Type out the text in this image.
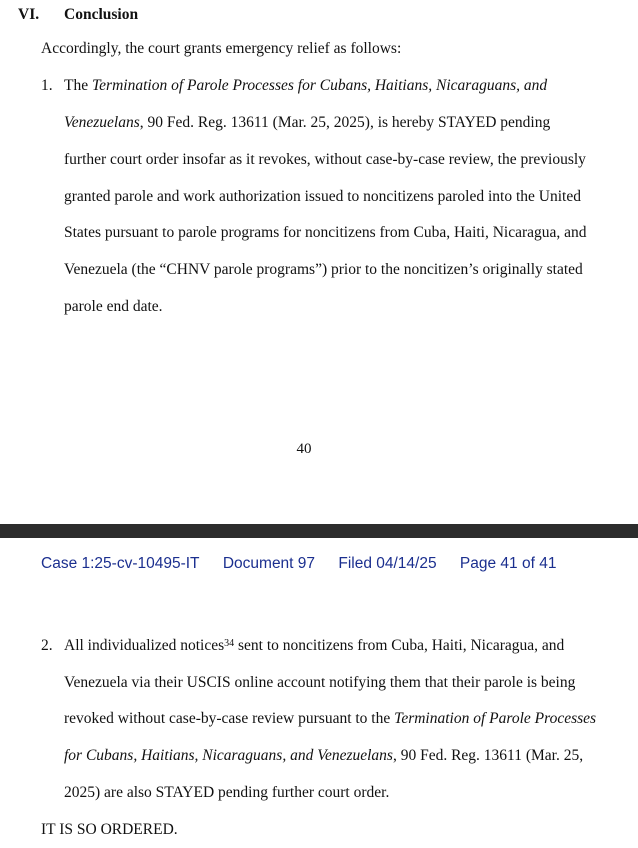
VI. Conclusion
Accordingly, the court grants emergency relief as follows:
1. The Termination of Parole Processes for Cubans, Haitians, Nicaraguans, and
Venezuelans, 90 Fed. Reg. 13611 (Mar. 25, 2025), is hereby STAYED pending
further court order insofar as it revokes, without case-by-case review, the previously
granted parole and work authorization issued to noncitizens paroled into the United
States pursuant to parole programs for noncitizens from Cuba, Haiti, Nicaragua, and
Venezuela (the “CHNV parole programs”) prior to the noncitizen’s originally stated
parole end date.
40
Case 1:25-cv-10495-IT Document 97 Filed 04/14/25 Page 41 of 41
2. All individualized notices$^{34}$ sent to noncitizens from Cuba, Haiti, Nicaragua, and
Venezuela via their USCIS online account notifying them that their parole is being
revoked without case-by-case review pursuant to the Termination of Parole Processes
for Cubans, Haitians, Nicaraguans, and Venezuelans, 90 Fed. Reg. 13611 (Mar. 25,
2025) are also STAYED pending further court order.
IT IS SO ORDERED.
